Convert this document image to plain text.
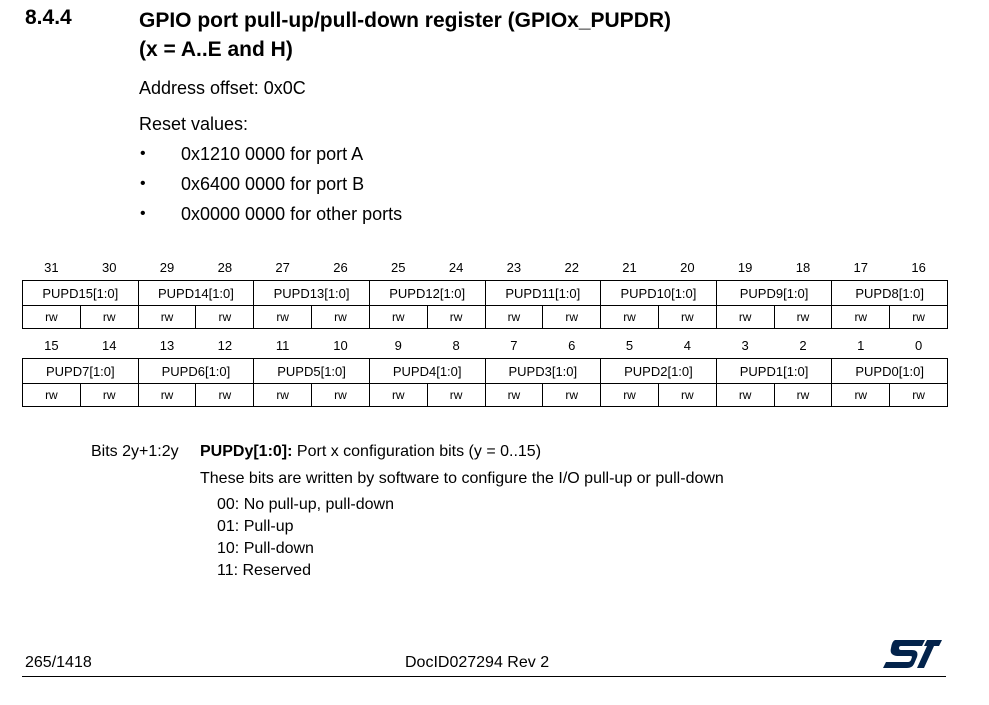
8.4.4	GPIO port pull-up/pull-down register (GPIOx_PUPDR)
(x = A..E and H)
Address offset: 0x0C
Reset values:
• 0x1210 0000 for port A
• 0x6400 0000 for port B
• 0x0000 0000 for other ports
31	30	29	28	27	26	25	24	23	22	21	20	19	18	17	16
PUPD15[1:0]		PUPD14[1:0]		PUPD13[1:0]		PUPD12[1:0]		PUPD11[1:0]		PUPD10[1:0]		PUPD9[1:0]		PUPD8[1:0]	
rw	rw	rw	rw	rw	rw	rw	rw	rw	rw	rw	rw	rw	rw	rw	rw
15	14	13	12	11	10	9	8	7	6	5	4	3	2	1	0
PUPD7[1:0]		PUPD6[1:0]		PUPD5[1:0]		PUPD4[1:0]		PUPD3[1:0]		PUPD2[1:0]		PUPD1[1:0]		PUPD0[1:0]	
rw	rw	rw	rw	rw	rw	rw	rw	rw	rw	rw	rw	rw	rw	rw	rw
Bits 2y+1:2y PUPDy[1:0]: Port x configuration bits (y = 0..15)
These bits are written by software to configure the I/O pull-up or pull-down
00: No pull-up, pull-down
01: Pull-up
10: Pull-down
11: Reserved
265/1418	DocID027294 Rev 2
